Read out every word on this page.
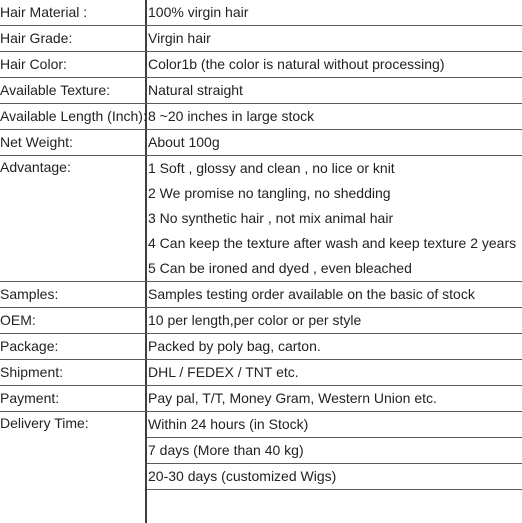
Hair Material :	100% virgin hair
Hair Grade:	Virgin hair
Hair Color:	Color1b (the color is natural without processing)
Available Texture:	Natural straight
Available Length (Inch): 8 ~20 inches in large stock
Net Weight:	About 100g
Advantage:	1 Soft , glossy and clean , no lice or knit
2 We promise no tangling, no shedding
3 No synthetic hair , not mix animal hair
4 Can keep the texture after wash and keep texture 2 years
5 Can be ironed and dyed , even bleached
Samples:	Samples testing order available on the basic of stock
OEM:	10 per length,per color or per style
Package:	Packed by poly bag, carton.
Shipment:	DHL / FEDEX / TNT etc.
Payment:	Pay pal, T/T, Money Gram, Western Union etc.
Delivery Time:	Within 24 hours (in Stock)
7 days (More than 40 kg)
20-30 days (customized Wigs)
